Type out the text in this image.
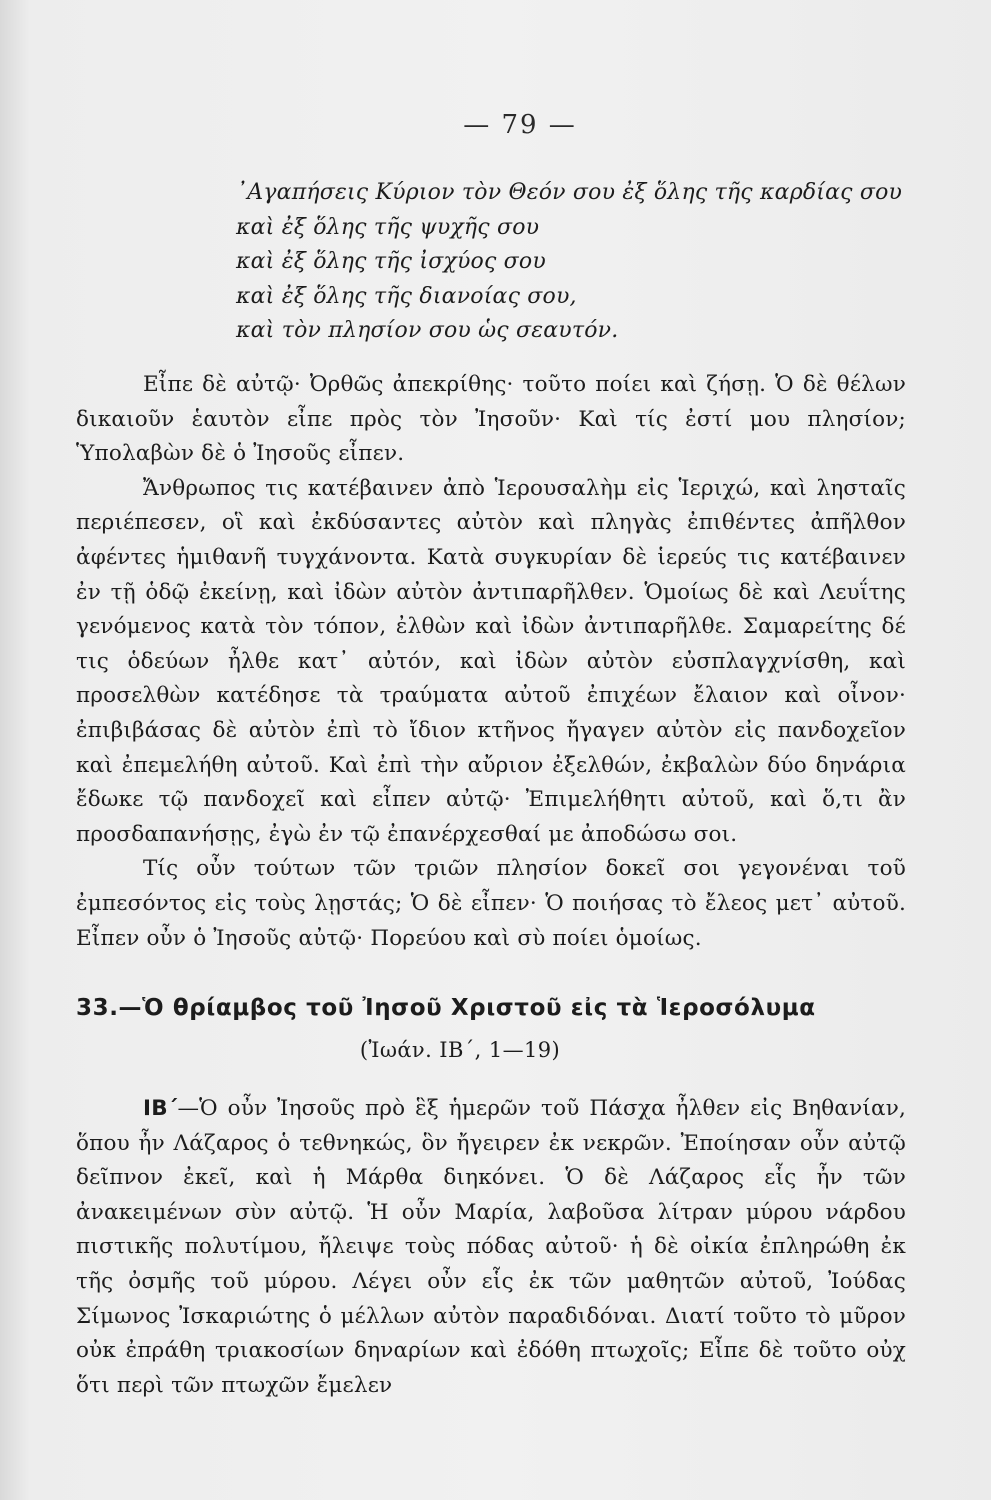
— 79 —
᾿Αγαπήσεις Κύριον τὸν Θεόν σου ἐξ ὅλης τῆς καρδίας σου
καὶ ἐξ ὅλης τῆς ψυχῆς σου
καὶ ἐξ ὅλης τῆς ἰσχύος σου
καὶ ἐξ ὅλης τῆς διανοίας σου,
καὶ τὸν πλησίον σου ὡς σεαυτόν.

Εἶπε δὲ αὐτῷ· Ὀρθῶς ἀπεκρίθης· τοῦτο ποίει καὶ ζήσῃ. Ὁ δὲ θέλων δικαιοῦν ἑαυτὸν εἶπε πρὸς τὸν Ἰησοῦν· Καὶ τίς ἐστί μου πλησίον; Ὑπολαβὼν δὲ ὁ Ἰησοῦς εἶπεν.

Ἄνθρωπος τις κατέβαινεν ἀπὸ Ἱερουσαλὴμ εἰς Ἱεριχώ, καὶ λησταῖς περιέπεσεν, οἳ καὶ ἐκδύσαντες αὐτὸν καὶ πληγὰς ἐπιθέντες ἀπῆλθον ἀφέντες ἡμιθανῆ τυγχάνοντα. Κατὰ συγκυρίαν δὲ ἱερεύς τις κατέβαινεν ἐν τῇ ὁδῷ ἐκείνῃ, καὶ ἰδὼν αὐτὸν ἀντιπαρῆλθεν. Ὁμοίως δὲ καὶ Λευΐτης γενόμενος κατὰ τὸν τόπον, ἐλθὼν καὶ ἰδὼν ἀντιπαρῆλθε. Σαμαρείτης δέ τις ὁδεύων ἦλθε κατ᾿ αὐτόν, καὶ ἰδὼν αὐτὸν εὐσπλαγχνίσθη, καὶ προσελθὼν κατέδησε τὰ τραύματα αὐτοῦ ἐπιχέων ἔλαιον καὶ οἶνον· ἐπιβιβάσας δὲ αὐτὸν ἐπὶ τὸ ἴδιον κτῆνος ἤγαγεν αὐτὸν εἰς πανδοχεῖον καὶ ἐπεμελήθη αὐτοῦ. Καὶ ἐπὶ τὴν αὔριον ἐξελθών, ἐκβαλὼν δύο δηνάρια ἔδωκε τῷ πανδοχεῖ καὶ εἶπεν αὐτῷ· Ἐπιμελήθητι αὐτοῦ, καὶ ὅ,τι ἂν προσδαπανήσῃς, ἐγὼ ἐν τῷ ἐπανέρχεσθαί με ἀποδώσω σοι.

Τίς οὖν τούτων τῶν τριῶν πλησίον δοκεῖ σοι γεγονέναι τοῦ ἐμπεσόντος εἰς τοὺς λῃστάς; Ὁ δὲ εἶπεν· Ὁ ποιήσας τὸ ἔλεος μετ᾿ αὐτοῦ. Εἶπεν οὖν ὁ Ἰησοῦς αὐτῷ· Πορεύου καὶ σὺ ποίει ὁμοίως.

33.—Ὁ θρίαμβος τοῦ Ἰησοῦ Χριστοῦ εἰς τὰ Ἱεροσόλυμα
(Ἰωάν. ΙΒ΄, 1—19)

ΙΒ΄—Ὁ οὖν Ἰησοῦς πρὸ ἓξ ἡμερῶν τοῦ Πάσχα ἦλθεν εἰς Βηθανίαν, ὅπου ἦν Λάζαρος ὁ τεθνηκώς, ὃν ἤγειρεν ἐκ νεκρῶν. Ἐποίησαν οὖν αὐτῷ δεῖπνον ἐκεῖ, καὶ ἡ Μάρθα διηκόνει. Ὁ δὲ Λάζαρος εἷς ἦν τῶν ἀνακειμένων σὺν αὐτῷ. Ἡ οὖν Μαρία, λαβοῦσα λίτραν μύρου νάρδου πιστικῆς πολυτίμου, ἤλειψε τοὺς πόδας αὐτοῦ· ἡ δὲ οἰκία ἐπληρώθη ἐκ τῆς ὀσμῆς τοῦ μύρου. Λέγει οὖν εἷς ἐκ τῶν μαθητῶν αὐτοῦ, Ἰούδας Σίμωνος Ἰσκαριώτης ὁ μέλλων αὐτὸν παραδιδόναι. Διατί τοῦτο τὸ μῦρον οὐκ ἐπράθη τριακοσίων δηναρίων καὶ ἐδόθη πτωχοῖς; Εἶπε δὲ τοῦτο οὐχ ὅτι περὶ τῶν πτωχῶν ἔμελεν
